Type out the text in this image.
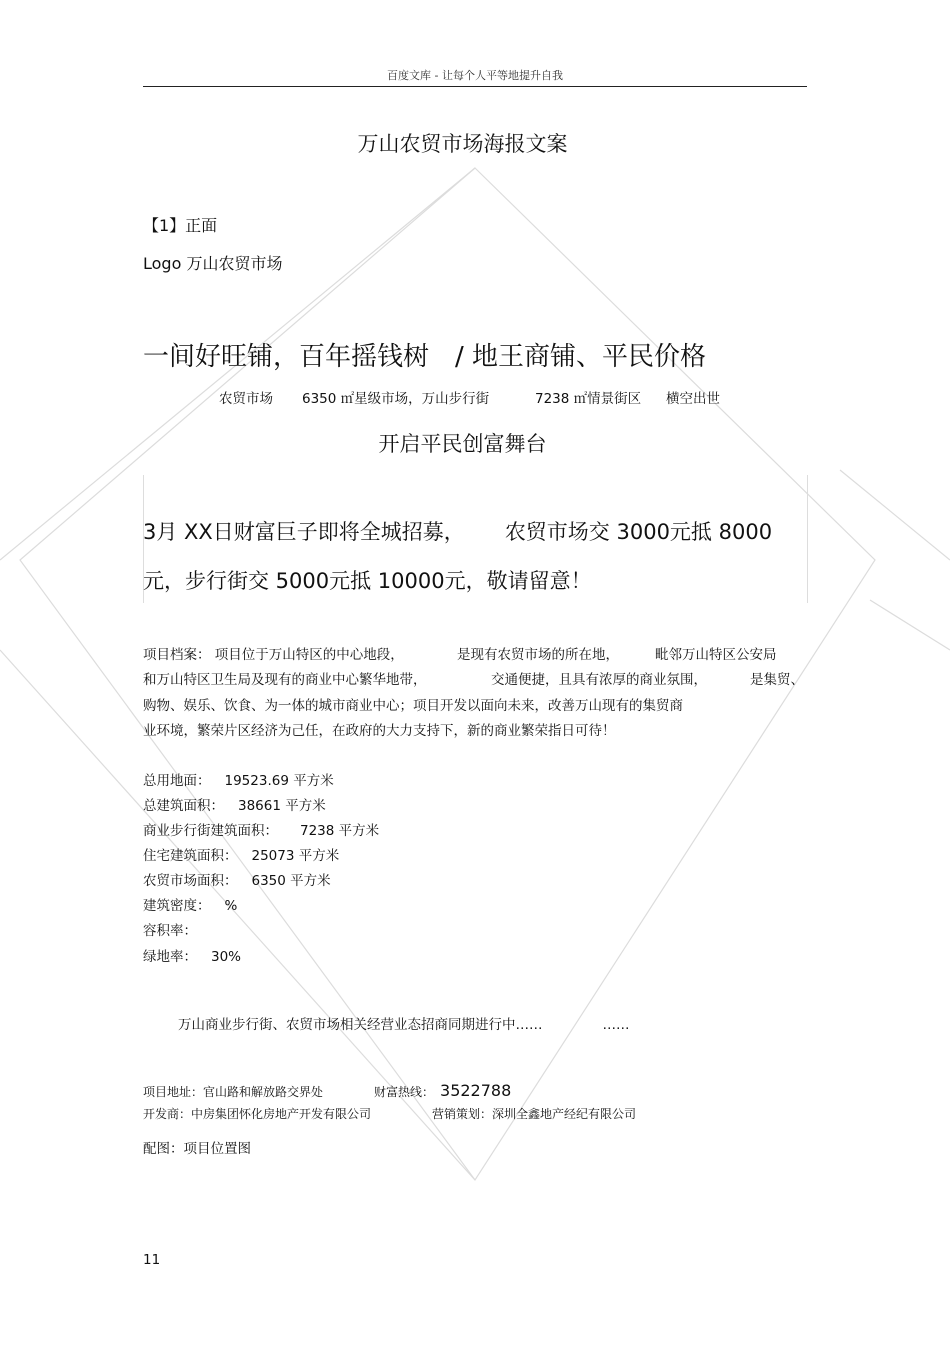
百度文库 - 让每个人平等地提升自我
万山农贸市场海报文案
【1】正面
Logo 万山农贸市场
一间好旺铺，百年摇钱树 / 地王商铺、平民价格
农贸市场 6350 ㎡星级市场，万山步行街	7238 ㎡情景街区 横空出世
开启平民创富舞台
3月 XX日财富巨子即将全城招募， 农贸市场交 3000元抵 8000
元，步行街交 5000元抵 10000元，敬请留意！
项目档案： 项目位于万山特区的中心地段，	是现有农贸市场的所在地，	毗邻万山特区公安局
和万山特区卫生局及现有的商业中心繁华地带，	交通便捷，且具有浓厚的商业氛围，	是集贸、
购物、娱乐、饮食、为一体的城市商业中心；项目开发以面向未来，改善万山现有的集贸商
业环境，繁荣片区经济为己任，在政府的大力支持下，新的商业繁荣指日可待！
总用地面： 19523.69 平方米
总建筑面积： 38661 平方米
商业步行街建筑面积： 7238 平方米
住宅建筑面积： 25073 平方米
农贸市场面积： 6350 平方米
建筑密度： %
容积率：
绿地率： 30%
万山商业步行街、农贸市场相关经营业态招商同期进行中……	……
项目地址：官山路和解放路交界处	财富热线： 3522788
开发商：中房集团怀化房地产开发有限公司	营销策划：深圳全鑫地产经纪有限公司
配图：项目位置图
11
